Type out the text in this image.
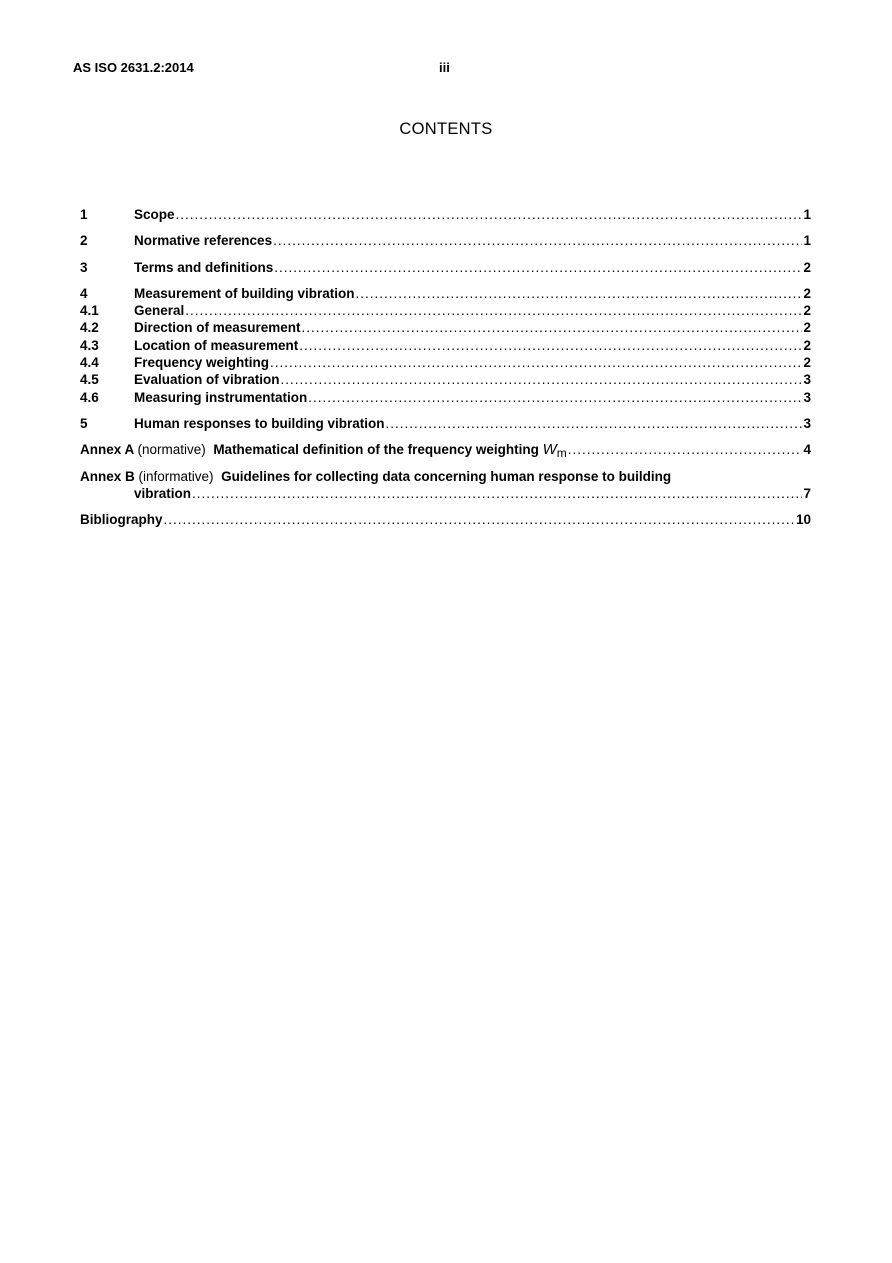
AS ISO 2631.2:2014	iii
CONTENTS
1	Scope .....	1
2	Normative references .....	1
3	Terms and definitions .....	2
4	Measurement of building vibration .....	2
4.1	General .....	2
4.2	Direction of measurement .....	2
4.3	Location of measurement .....	2
4.4	Frequency weighting .....	2
4.5	Evaluation of vibration .....	3
4.6	Measuring instrumentation .....	3
5	Human responses to building vibration .....	3
Annex A (normative) Mathematical definition of the frequency weighting $W_m$ .....	4
Annex B (informative) Guidelines for collecting data concerning human response to building
vibration .....	7
Bibliography .....	10
